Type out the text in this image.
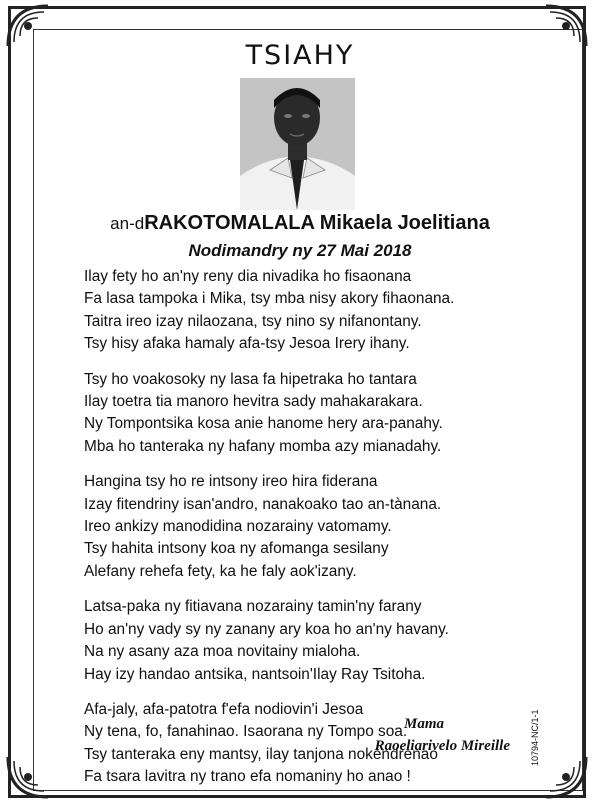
TSIAHY
an-dRAKOTOMALALA Mikaela Joelitiana
Nodimandry ny 27 Mai 2018
Ilay fety ho an'ny reny dia nivadika ho fisaonana
Fa lasa tampoka i Mika, tsy mba nisy akory fihaonana.
Taitra ireo izay nilaozana, tsy nino sy nifanontany.
Tsy hisy afaka hamaly afa-tsy Jesoa Irery ihany.
Tsy ho voakosoky ny lasa fa hipetraka ho tantara
Ilay toetra tia manoro hevitra sady mahakarakara.
Ny Tompontsika kosa anie hanome hery ara-panahy.
Mba ho tanteraka ny hafany momba azy mianadahy.
Hangina tsy ho re intsony ireo hira fiderana
Izay fitendriny isan'andro, nanakoako tao an-tànana.
Ireo ankizy manodidina nozarainy vatomamy.
Tsy hahita intsony koa ny afomanga sesilany
Alefany rehefa fety, ka he faly aok'izany.
Latsa-paka ny fitiavana nozarainy tamin'ny farany
Ho an'ny vady sy ny zanany ary koa ho an'ny havany.
Na ny asany aza moa novitainy mialoha.
Hay izy handao antsika, nantsoin'Ilay Ray Tsitoha.
Afa-jaly, afa-patotra f'efa nodiovin'i Jesoa
Ny tena, fo, fanahinao. Isaorana ny Tompo soa.
Tsy tanteraka eny mantsy, ilay tanjona nokendrenao
Fa tsara lavitra ny trano efa nomaniny ho anao !
Mama
Raoeliarivelo Mireille 10794-NC/1-1
